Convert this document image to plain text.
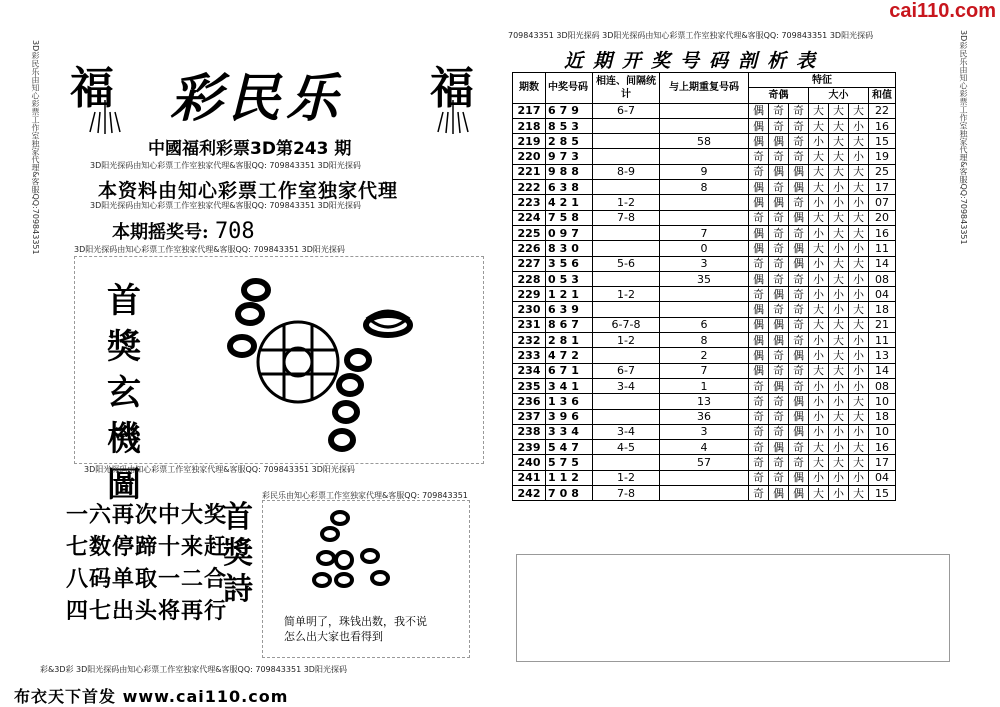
cai110.com
3D彩民乐由知心彩票工作室独家代理&客服QQ:709843351	3D彩民乐由知心彩票工作室独家代理&客服QQ:709843351
福	福
彩民乐
中國福利彩票3D第243 期
3D阳光探码由知心彩票工作室独家代理&客服QQ: 709843351 3D阳光探码
本资料由知心彩票工作室独家代理
3D阳光探码由知心彩票工作室独家代理&客服QQ: 709843351 3D阳光探码
本期摇奖号: 708
3D阳光探码由知心彩票工作室独家代理&客服QQ: 709843351 3D阳光探码
首獎玄機圖
3D阳光探码由知心彩票工作室独家代理&客服QQ: 709843351 3D阳光探码
一六再次中大奖
七数停蹄十来赶
八码单取一二合
四七出头将再行
首獎詩
彩民乐由知心彩票工作室独家代理&客服QQ: 709843351
简单明了，珠钱出数，我不说
怎么出大家也看得到
彩&3D彩 3D阳光探码由知心彩票工作室独家代理&客服QQ: 709843351 3D阳光探码
布衣天下首发 www.cai110.com
709843351 3D阳光探码 3D阳光探码由知心彩票工作室独家代理&客服QQ: 709843351 3D阳光探码
近期开奖号码剖析表
期数	中奖号码	相连、间隔统计	与上期重复号码	特征						
				奇偶			大小			和值
217	679	6-7		偶	奇	奇	大	大	大	22
218	853			偶	奇	奇	大	大	小	16
219	285		58	偶	偶	奇	小	大	大	15
220	973			奇	奇	奇	大	大	小	19
221	988	8-9	9	奇	偶	偶	大	大	大	25
222	638		8	偶	奇	偶	大	小	大	17
223	421	1-2		偶	偶	奇	小	小	小	07
224	758	7-8		奇	奇	偶	大	大	大	20
225	097		7	偶	奇	奇	小	大	大	16
226	830		0	偶	奇	偶	大	小	小	11
227	356	5-6	3	奇	奇	偶	小	大	大	14
228	053		35	偶	奇	奇	小	大	小	08
229	121	1-2		奇	偶	奇	小	小	小	04
230	639			偶	奇	奇	大	小	大	18
231	867	6-7-8	6	偶	偶	奇	大	大	大	21
232	281	1-2	8	偶	偶	奇	小	大	小	11
233	472		2	偶	奇	偶	小	大	小	13
234	671	6-7	7	偶	奇	奇	大	大	小	14
235	341	3-4	1	奇	偶	奇	小	小	小	08
236	136		13	奇	奇	偶	小	小	大	10
237	396		36	奇	奇	偶	小	大	大	18
238	334	3-4	3	奇	奇	偶	小	小	小	10
239	547	4-5	4	奇	偶	奇	大	小	大	16
240	575		57	奇	奇	奇	大	大	大	17
241	112	1-2		奇	奇	偶	小	小	小	04
242	708	7-8		奇	偶	偶	大	小	大	15
